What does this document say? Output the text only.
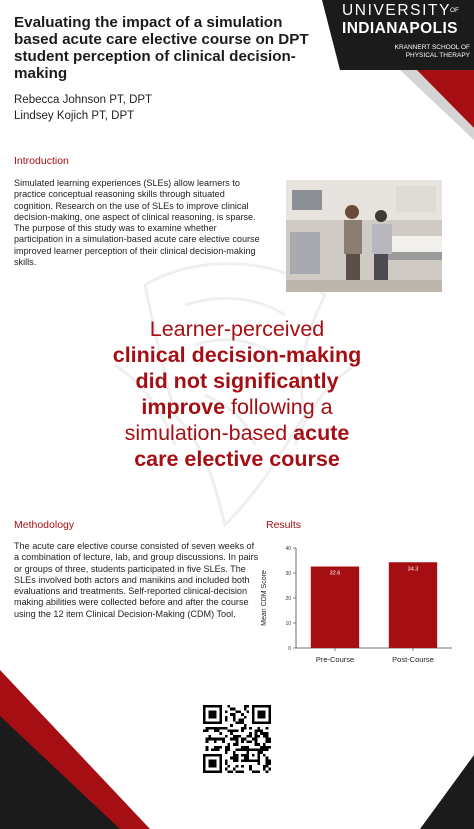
Evaluating the impact of a simulation based acute care elective course on DPT student perception of clinical decision-making
Rebecca Johnson PT, DPT
Lindsey Kojich PT, DPT
UNIVERSITY
OF
INDIANAPOLIS
KRANNERT SCHOOL OF
PHYSICAL THERAPY
Introduction
Simulated learning experiences (SLEs) allow learners to practice conceptual reasoning skills through situated cognition. Research on the use of SLEs to improve clinical decision-making, one aspect of clinical reasoning, is sparse. The purpose of this study was to examine whether participation in a simulation-based acute care elective course improved learner perception of their clinical decision-making skills.
Learner-perceived
clinical decision-making
did not significantly
improve following a
simulation-based acute
care elective course
Methodology
The acute care elective course consisted of seven weeks of a combination of lecture, lab, and group discussions. In pairs or groups of three, students participated in five SLEs. The SLEs involved both actors and manikins and included both evaluations and treatments. Self-reported clinical-decision making abilities were collected before and after the course using the 12 item Clinical Decision-Making (CDM) Tool.
Results
0
10
20
30
40
32.6
Pre-Course
34.3
Post-Course
Mean CDM Score
